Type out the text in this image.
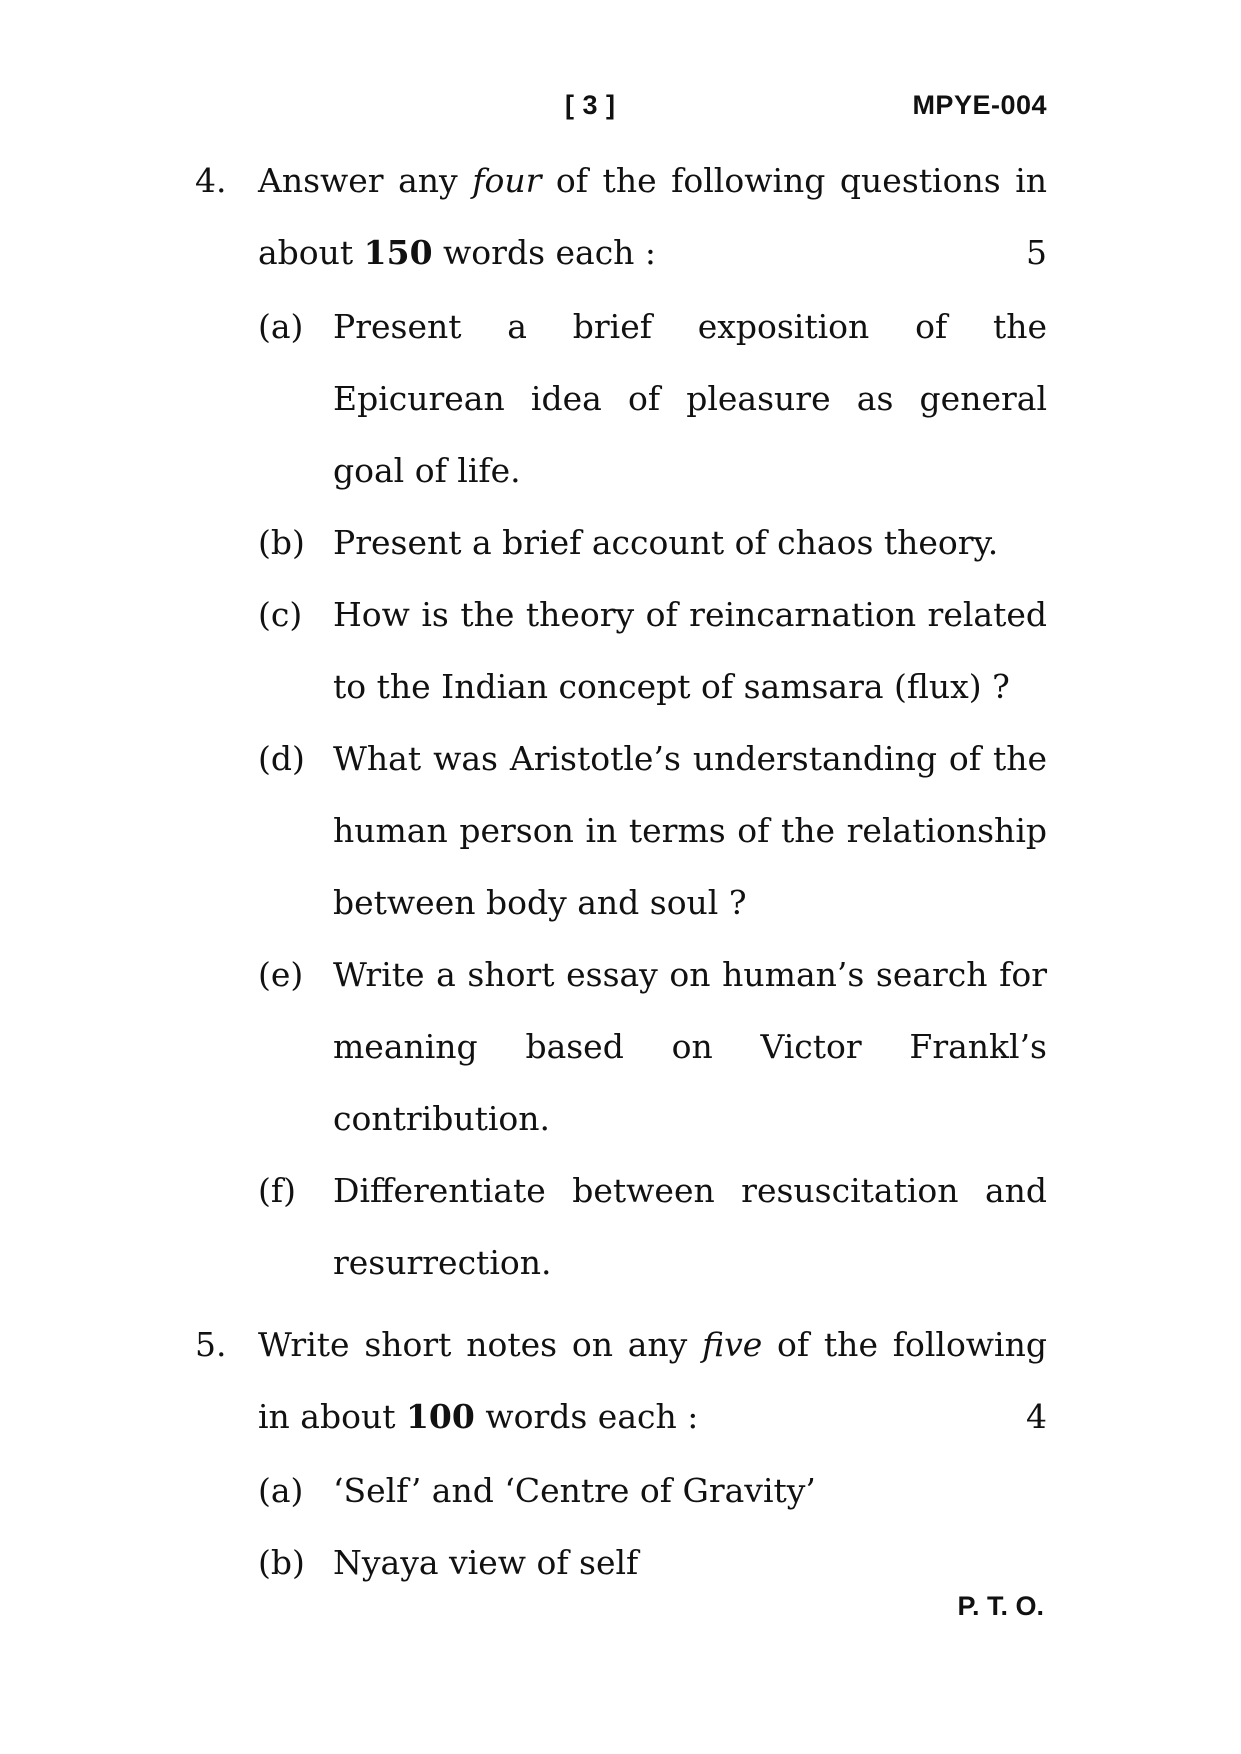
[ 3 ]	MPYE-004
4. Answer any four of the following questions in about 150 words each :	5
(a) Present a brief exposition of the Epicurean idea of pleasure as general goal of life.
(b) Present a brief account of chaos theory.
(c) How is the theory of reincarnation related to the Indian concept of samsara (flux) ?
(d) What was Aristotle’s understanding of the human person in terms of the relationship between body and soul ?
(e) Write a short essay on human’s search for meaning based on Victor Frankl’s contribution.
(f) Differentiate between resuscitation and resurrection.
5. Write short notes on any five of the following in about 100 words each :	4
(a) ‘Self’ and ‘Centre of Gravity’
(b) Nyaya view of self
P. T. O.
